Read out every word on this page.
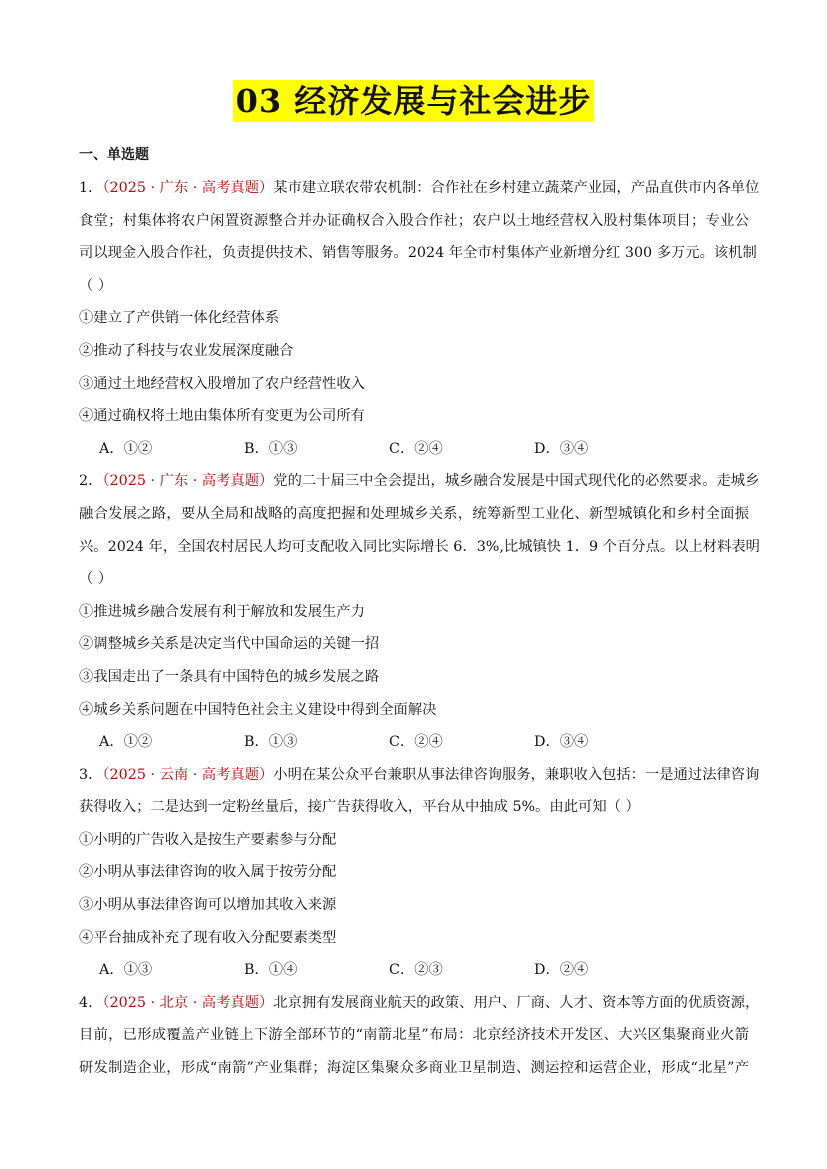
03 经济发展与社会进步
一、单选题
1．（2025 · 广东 · 高考真题）某市建立联农带农机制：合作社在乡村建立蔬菜产业园，产品直供市内各单位
食堂；村集体将农户闲置资源整合并办证确权合入股合作社；农户以土地经营权入股村集体项目；专业公
司以现金入股合作社，负责提供技术、销售等服务。2024 年全市村集体产业新增分红 300 多万元。该机制
（ ）
①建立了产供销一体化经营体系
②推动了科技与农业发展深度融合
③通过土地经营权入股增加了农户经营性收入
④通过确权将土地由集体所有变更为公司所有
A．①②	B．①③	C．②④	D．③④
2．（2025 · 广东 · 高考真题）党的二十届三中全会提出，城乡融合发展是中国式现代化的必然要求。走城乡
融合发展之路，要从全局和战略的高度把握和处理城乡关系，统筹新型工业化、新型城镇化和乡村全面振
兴。2024 年，全国农村居民人均可支配收入同比实际增长 6．3%,比城镇快 1．9 个百分点。以上材料表明
（ ）
①推进城乡融合发展有利于解放和发展生产力
②调整城乡关系是决定当代中国命运的关键一招
③我国走出了一条具有中国特色的城乡发展之路
④城乡关系问题在中国特色社会主义建设中得到全面解决
A．①②	B．①③	C．②④	D．③④
3．（2025 · 云南 · 高考真题）小明在某公众平台兼职从事法律咨询服务，兼职收入包括：一是通过法律咨询
获得收入；二是达到一定粉丝量后，接广告获得收入，平台从中抽成 5%。由此可知（ ）
①小明的广告收入是按生产要素参与分配
②小明从事法律咨询的收入属于按劳分配
③小明从事法律咨询可以增加其收入来源
④平台抽成补充了现有收入分配要素类型
A．①③	B．①④	C．②③	D．②④
4．（2025 · 北京 · 高考真题）北京拥有发展商业航天的政策、用户、厂商、人才、资本等方面的优质资源，
目前，已形成覆盖产业链上下游全部环节的“南箭北星”布局：北京经济技术开发区、大兴区集聚商业火箭
研发制造企业，形成“南箭”产业集群；海淀区集聚众多商业卫星制造、测运控和运营企业，形成“北星”产
